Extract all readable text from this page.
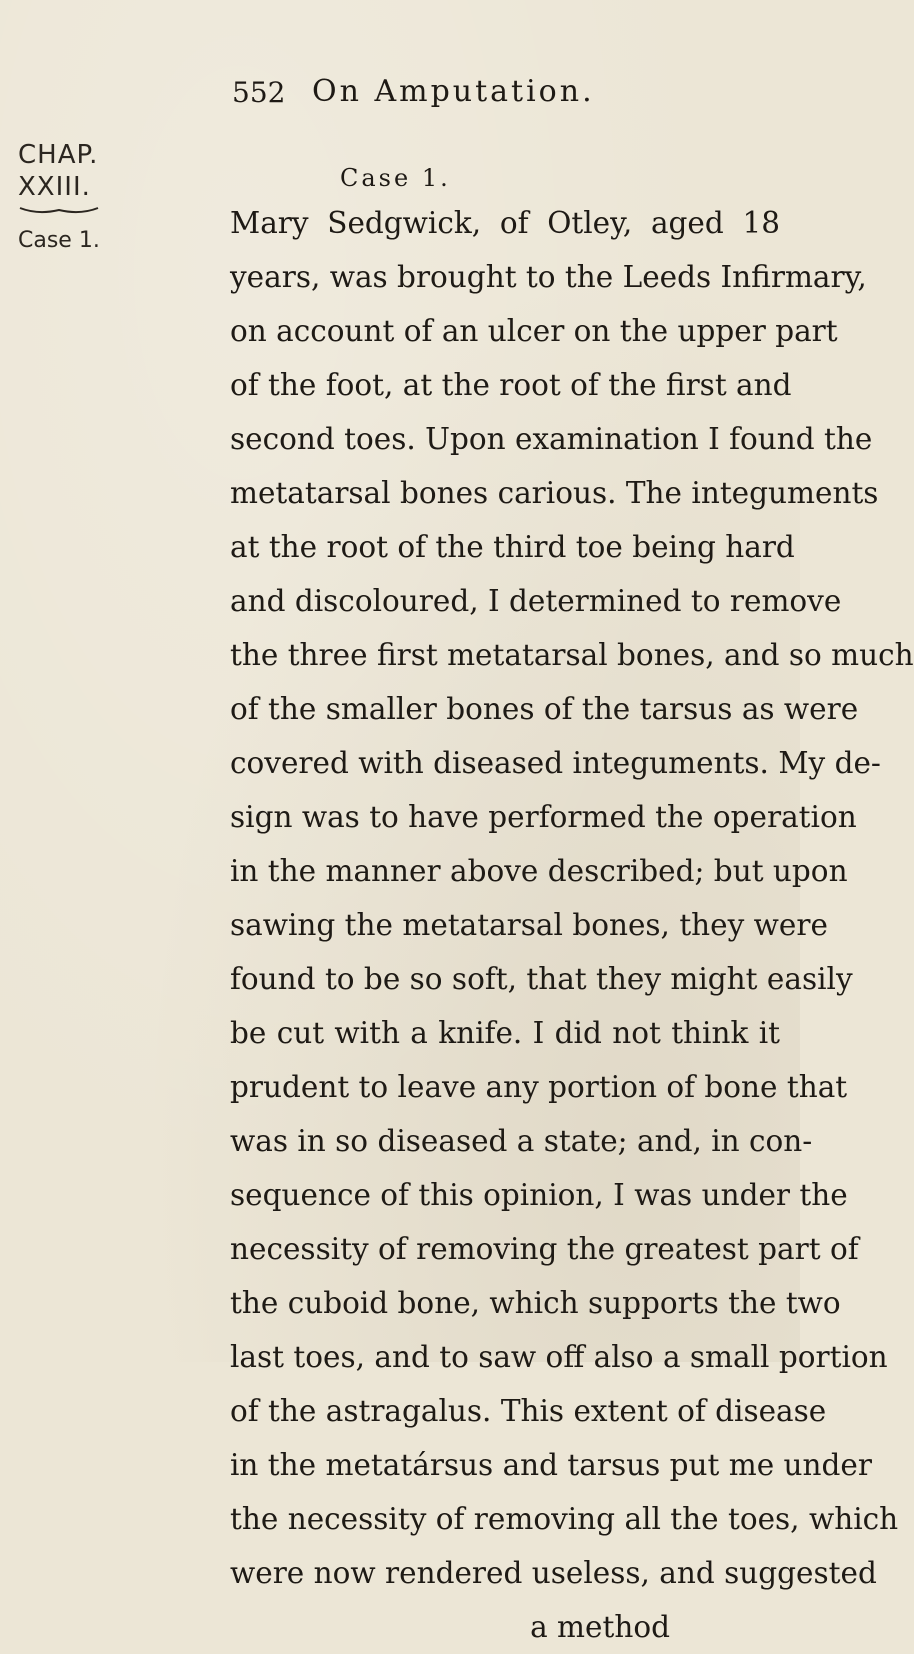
CHAP.
XXIII.
Case 1.
552 On Amputation.
Case 1.
Mary Sedgwick, of Otley, aged 18
years, was brought to the Leeds Infirmary,
on account of an ulcer on the upper part
of the foot, at the root of the first and
second toes. Upon examination I found the
metatarsal bones carious. The integuments
at the root of the third toe being hard
and discoloured, I determined to remove
the three first metatarsal bones, and so much
of the smaller bones of the tarsus as were
covered with diseased integuments. My de-
sign was to have performed the operation
in the manner above described; but upon
sawing the metatarsal bones, they were
found to be so soft, that they might easily
be cut with a knife. I did not think it
prudent to leave any portion of bone that
was in so diseased a state; and, in con-
sequence of this opinion, I was under the
necessity of removing the greatest part of
the cuboid bone, which supports the two
last toes, and to saw off also a small portion
of the astragalus. This extent of disease
in the metatársus and tarsus put me under
the necessity of removing all the toes, which
were now rendered useless, and suggested
a method
